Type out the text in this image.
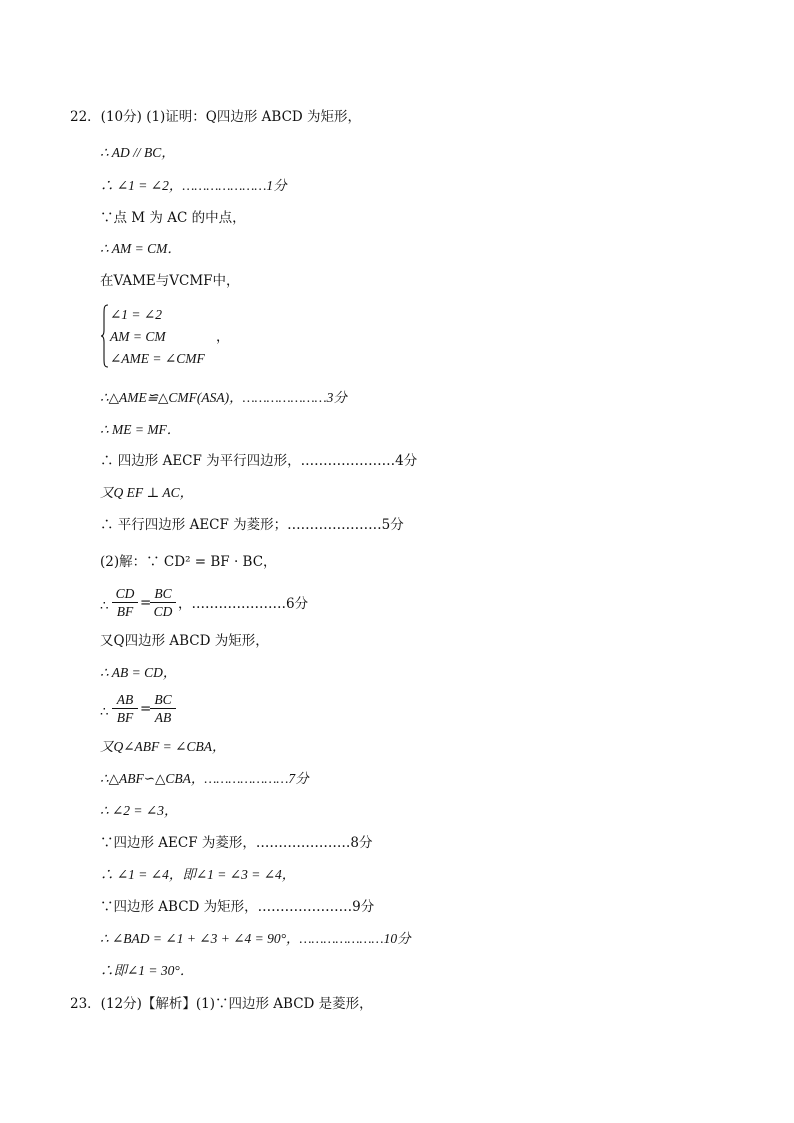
22．(10分) (1)证明：Q四边形 ABCD 为矩形，
∴ AD // BC，
∴ ∠1 = ∠2，…………………1分
∵点 M 为 AC 的中点，
∴ AM = CM．
在VAME与VCMF中，
∠1 = ∠2
AM = CM
∠AME = ∠CMF
，
∴△AME≌△CMF(ASA)，…………………3分
∴ ME = MF．
∴ 四边形 AECF 为平行四边形，…………………4分
又Q EF ⊥ AC，
∴ 平行四边形 AECF 为菱形；…………………5分
(2)解：∵ CD² = BF · BC，
∴
CD
BF
=
BC
CD ，…………………6分
又Q四边形 ABCD 为矩形，
∴ AB = CD，
∴
AB
BF
=
BC
AB
又Q∠ABF = ∠CBA，
∴△ABF∽△CBA，…………………7分
∴ ∠2 = ∠3，
∵四边形 AECF 为菱形，…………………8分
∴ ∠1 = ∠4，即∠1 = ∠3 = ∠4，
∵四边形 ABCD 为矩形，…………………9分
∴ ∠BAD = ∠1 + ∠3 + ∠4 = 90°，…………………10分
∴即∠1 = 30°．
23．(12分)【解析】(1)∵四边形 ABCD 是菱形，
